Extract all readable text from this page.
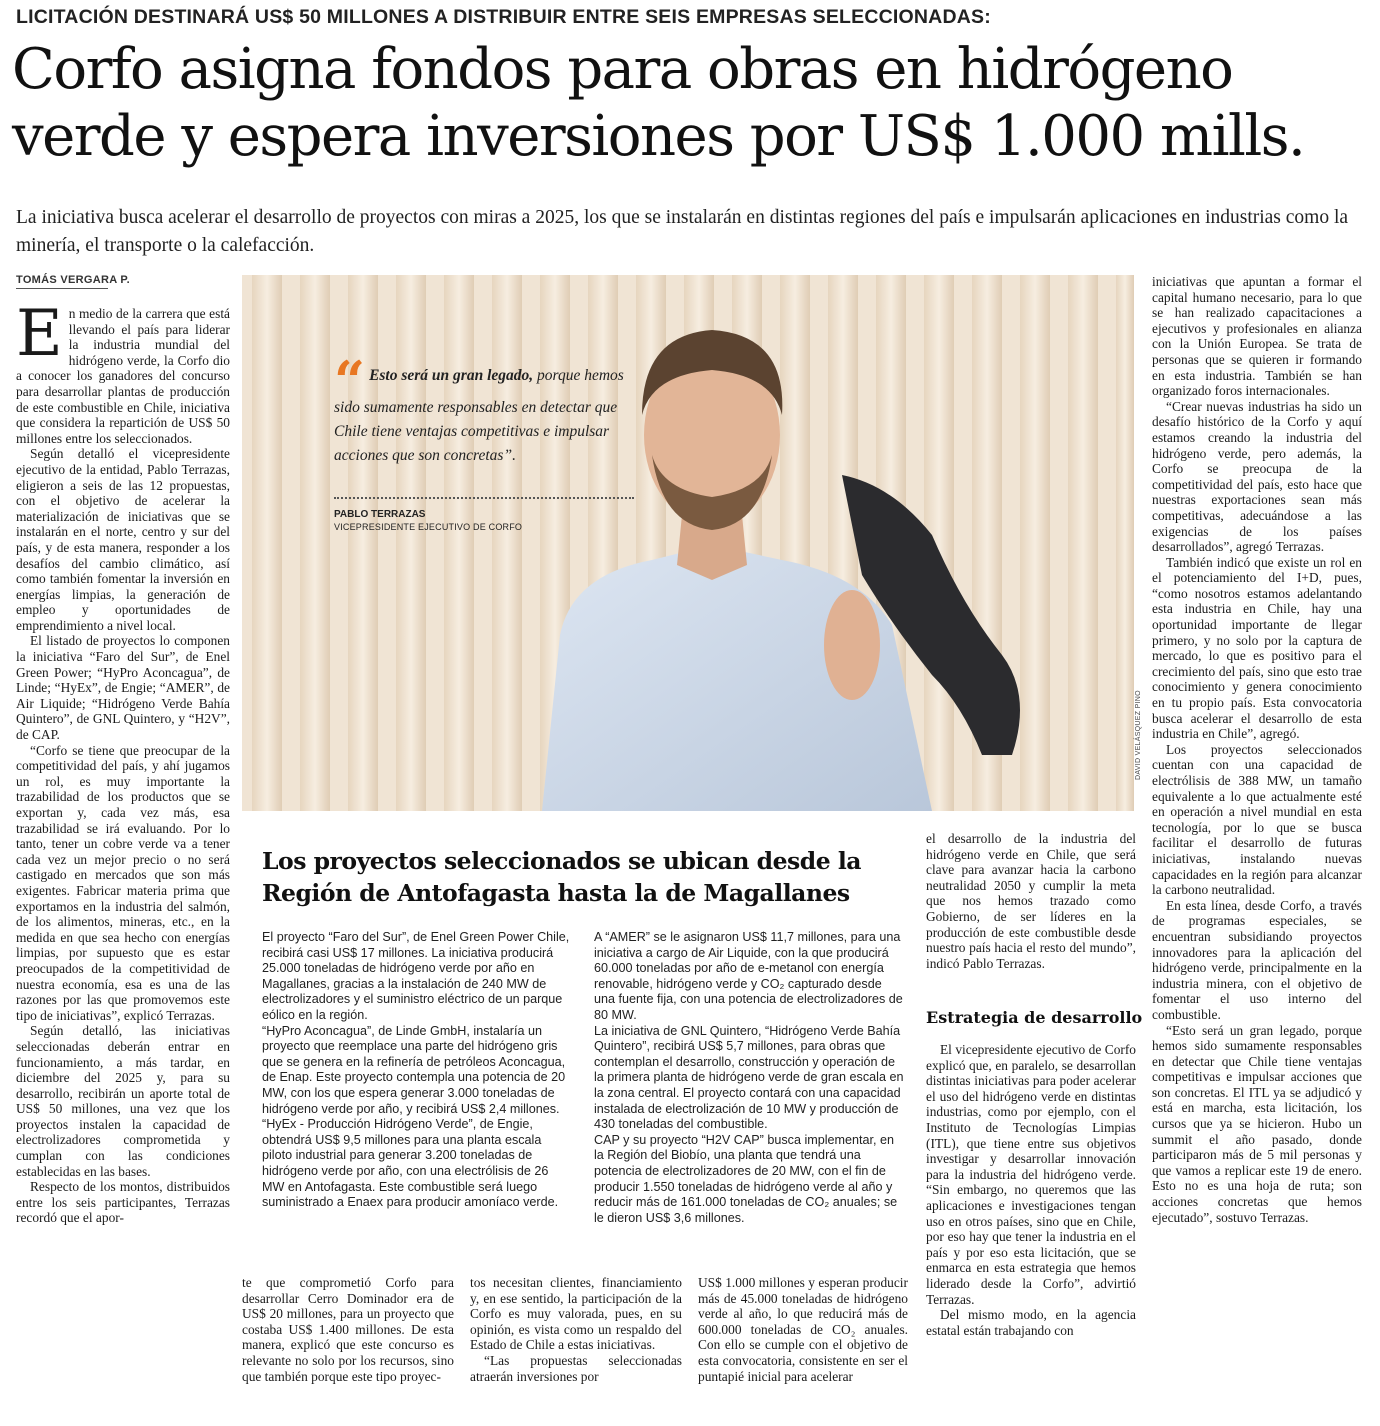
LICITACIÓN DESTINARÁ US$ 50 MILLONES A DISTRIBUIR ENTRE SEIS EMPRESAS SELECCIONADAS:
Corfo asigna fondos para obras en hidrógeno
verde y espera inversiones por US$ 1.000 mills.
La iniciativa busca acelerar el desarrollo de proyectos con miras a 2025, los que se instalarán en distintas regiones del país e impulsarán aplicaciones en industrias como la minería, el transporte o la calefacción.
TOMÁS VERGARA P.

En medio de la carrera que está llevando el país para liderar la industria mundial del hidrógeno verde, la Corfo dio a conocer los ganadores del concurso para desarrollar plantas de producción de este combustible en Chile, iniciativa que considera la repartición de US$ 50 millones entre los seleccionados.

Según detalló el vicepresidente ejecutivo de la entidad, Pablo Terrazas, eligieron a seis de las 12 propuestas, con el objetivo de acelerar la materialización de iniciativas que se instalarán en el norte, centro y sur del país, y de esta manera, responder a los desafíos del cambio climático, así como también fomentar la inversión en energías limpias, la generación de empleo y oportunidades de emprendimiento a nivel local.

El listado de proyectos lo componen la iniciativa “Faro del Sur”, de Enel Green Power; “HyPro Aconcagua”, de Linde; “HyEx”, de Engie; “AMER”, de Air Liquide; “Hidrógeno Verde Bahía Quintero”, de GNL Quintero, y “H2V”, de CAP.

“Corfo se tiene que preocupar de la competitividad del país, y ahí jugamos un rol, es muy importante la trazabilidad de los productos que se exportan y, cada vez más, esa trazabilidad se irá evaluando. Por lo tanto, tener un cobre verde va a tener cada vez un mejor precio o no será castigado en mercados que son más exigentes. Fabricar materia prima que exportamos en la industria del salmón, de los alimentos, mineras, etc., en la medida en que sea hecho con energías limpias, por supuesto que es estar preocupados de la competitividad de nuestra economía, esa es una de las razones por las que promovemos este tipo de iniciativas”, explicó Terrazas.

Según detalló, las iniciativas seleccionadas deberán entrar en funcionamiento, a más tardar, en diciembre del 2025 y, para su desarrollo, recibirán un aporte total de US$ 50 millones, una vez que los proyectos instalen la capacidad de electrolizadores comprometida y cumplan con las condiciones establecidas en las bases.

Respecto de los montos, distribuidos entre los seis participantes, Terrazas recordó que el apor-

DAVID VELÁSQUEZ PINO
“ Esto será un gran legado, porque hemos sido sumamente responsables en detectar que Chile tiene ventajas competitivas e impulsar acciones que son concretas”.
PABLO TERRAZAS
VICEPRESIDENTE EJECUTIVO DE CORFO
Los proyectos seleccionados se ubican desde la Región de Antofagasta hasta la de Magallanes
El proyecto “Faro del Sur”, de Enel Green Power Chile, recibirá casi US$ 17 millones. La iniciativa producirá 25.000 toneladas de hidrógeno verde por año en Magallanes, gracias a la instalación de 240 MW de electrolizadores y el suministro eléctrico de un parque eólico en la región.
“HyPro Aconcagua”, de Linde GmbH, instalaría un proyecto que reemplace una parte del hidrógeno gris que se genera en la refinería de petróleos Aconcagua, de Enap. Este proyecto contempla una potencia de 20 MW, con los que espera generar 3.000 toneladas de hidrógeno verde por año, y recibirá US$ 2,4 millones.
“HyEx - Producción Hidrógeno Verde”, de Engie, obtendrá US$ 9,5 millones para una planta escala piloto industrial para generar 3.200 toneladas de hidrógeno verde por año, con una electrólisis de 26 MW en Antofagasta. Este combustible será luego suministrado a Enaex para producir amoníaco verde.
A “AMER” se le asignaron US$ 11,7 millones, para una iniciativa a cargo de Air Liquide, con la que producirá 60.000 toneladas por año de e-metanol con energía renovable, hidrógeno verde y CO₂ capturado desde una fuente fija, con una potencia de electrolizadores de 80 MW.
La iniciativa de GNL Quintero, “Hidrógeno Verde Bahía Quintero”, recibirá US$ 5,7 millones, para obras que contemplan el desarrollo, construcción y operación de la primera planta de hidrógeno verde de gran escala en la zona central. El proyecto contará con una capacidad instalada de electrolización de 10 MW y producción de 430 toneladas del combustible.
CAP y su proyecto “H2V CAP” busca implementar, en la Región del Biobío, una planta que tendrá una potencia de electrolizadores de 20 MW, con el fin de producir 1.550 toneladas de hidrógeno verde al año y reducir más de 161.000 toneladas de CO₂ anuales; se le dieron US$ 3,6 millones.

te que comprometió Corfo para desarrollar Cerro Dominador era de US$ 20 millones, para un proyecto que costaba US$ 1.400 millones. De esta manera, explicó que este concurso es relevante no solo por los recursos, sino que también porque este tipo proyec-

tos necesitan clientes, financiamiento y, en ese sentido, la participación de la Corfo es muy valorada, pues, en su opinión, es vista como un respaldo del Estado de Chile a estas iniciativas.

“Las propuestas seleccionadas atraerán inversiones por

US$ 1.000 millones y esperan producir más de 45.000 toneladas de hidrógeno verde al año, lo que reducirá más de 600.000 toneladas de CO₂ anuales. Con ello se cumple con el objetivo de esta convocatoria, consistente en ser el puntapié inicial para acelerar

el desarrollo de la industria del hidrógeno verde en Chile, que será clave para avanzar hacia la carbono neutralidad 2050 y cumplir la meta que nos hemos trazado como Gobierno, de ser líderes en la producción de este combustible desde nuestro país hacia el resto del mundo”, indicó Pablo Terrazas.

Estrategia de desarrollo

El vicepresidente ejecutivo de Corfo explicó que, en paralelo, se desarrollan distintas iniciativas para poder acelerar el uso del hidrógeno verde en distintas industrias, como por ejemplo, con el Instituto de Tecnologías Limpias (ITL), que tiene entre sus objetivos investigar y desarrollar innovación para la industria del hidrógeno verde. “Sin embargo, no queremos que las aplicaciones e investigaciones tengan uso en otros países, sino que en Chile, por eso hay que tener la industria en el país y por eso esta licitación, que se enmarca en esta estrategia que hemos liderado desde la Corfo”, advirtió Terrazas.

Del mismo modo, en la agencia estatal están trabajando con

iniciativas que apuntan a formar el capital humano necesario, para lo que se han realizado capacitaciones a ejecutivos y profesionales en alianza con la Unión Europea. Se trata de personas que se quieren ir formando en esta industria. También se han organizado foros internacionales.

“Crear nuevas industrias ha sido un desafío histórico de la Corfo y aquí estamos creando la industria del hidrógeno verde, pero además, la Corfo se preocupa de la competitividad del país, esto hace que nuestras exportaciones sean más competitivas, adecuándose a las exigencias de los países desarrollados”, agregó Terrazas.

También indicó que existe un rol en el potenciamiento del I+D, pues, “como nosotros estamos adelantando esta industria en Chile, hay una oportunidad importante de llegar primero, y no solo por la captura de mercado, lo que es positivo para el crecimiento del país, sino que esto trae conocimiento y genera conocimiento en tu propio país. Esta convocatoria busca acelerar el desarrollo de esta industria en Chile”, agregó.

Los proyectos seleccionados cuentan con una capacidad de electrólisis de 388 MW, un tamaño equivalente a lo que actualmente esté en operación a nivel mundial en esta tecnología, por lo que se busca facilitar el desarrollo de futuras iniciativas, instalando nuevas capacidades en la región para alcanzar la carbono neutralidad.

En esta línea, desde Corfo, a través de programas especiales, se encuentran subsidiando proyectos innovadores para la aplicación del hidrógeno verde, principalmente en la industria minera, con el objetivo de fomentar el uso interno del combustible.

“Esto será un gran legado, porque hemos sido sumamente responsables en detectar que Chile tiene ventajas competitivas e impulsar acciones que son concretas. El ITL ya se adjudicó y está en marcha, esta licitación, los cursos que ya se hicieron. Hubo un summit el año pasado, donde participaron más de 5 mil personas y que vamos a replicar este 19 de enero. Esto no es una hoja de ruta; son acciones concretas que hemos ejecutado”, sostuvo Terrazas.
